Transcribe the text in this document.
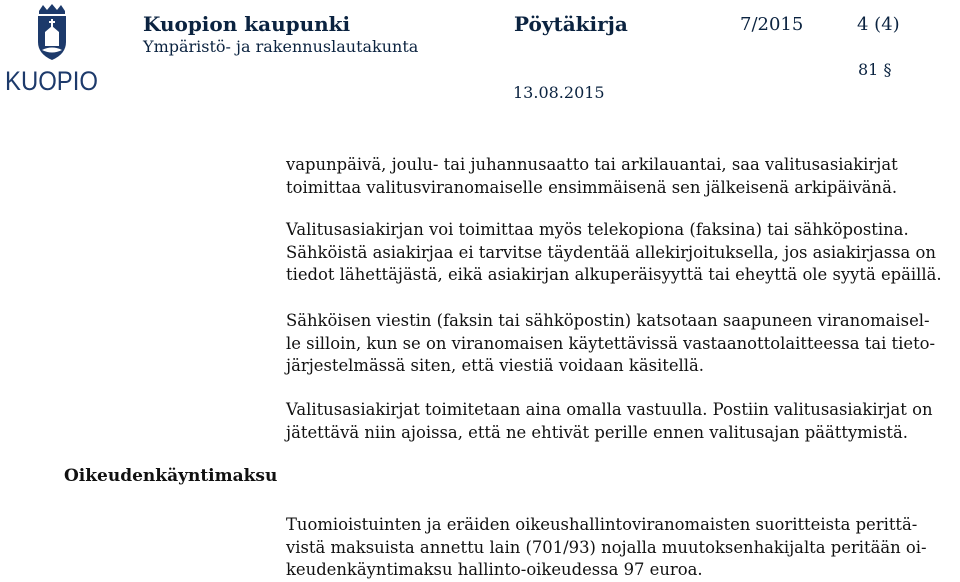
KUOPIO
Kuopion kaupunki
Ympäristö- ja rakennuslautakunta
Pöytäkirja	7/2015	4 (4)
81 §
13.08.2015
Oikeudenkäyntimaksu
vapunpäivä, joulu- tai juhannusaatto tai arkilauantai, saa valitusasiakirjat
toimittaa valitusviranomaiselle ensimmäisenä sen jälkeisenä arkipäivänä.
Valitusasiakirjan voi toimittaa myös telekopiona (faksina) tai sähköpostina.
Sähköistä asiakirjaa ei tarvitse täydentää allekirjoituksella, jos asiakirjassa on
tiedot lähettäjästä, eikä asiakirjan alkuperäisyyttä tai eheyttä ole syytä epäillä.
Sähköisen viestin (faksin tai sähköpostin) katsotaan saapuneen viranomaisel-
le silloin, kun se on viranomaisen käytettävissä vastaanottolaitteessa tai tieto-
järjestelmässä siten, että viestiä voidaan käsitellä.
Valitusasiakirjat toimitetaan aina omalla vastuulla. Postiin valitusasiakirjat on
jätettävä niin ajoissa, että ne ehtivät perille ennen valitusajan päättymistä.
Tuomioistuinten ja eräiden oikeushallintoviranomaisten suoritteista perittä-
vistä maksuista annettu lain (701/93) nojalla muutoksenhakijalta peritään oi-
keudenkäyntimaksu hallinto-oikeudessa 97 euroa.
